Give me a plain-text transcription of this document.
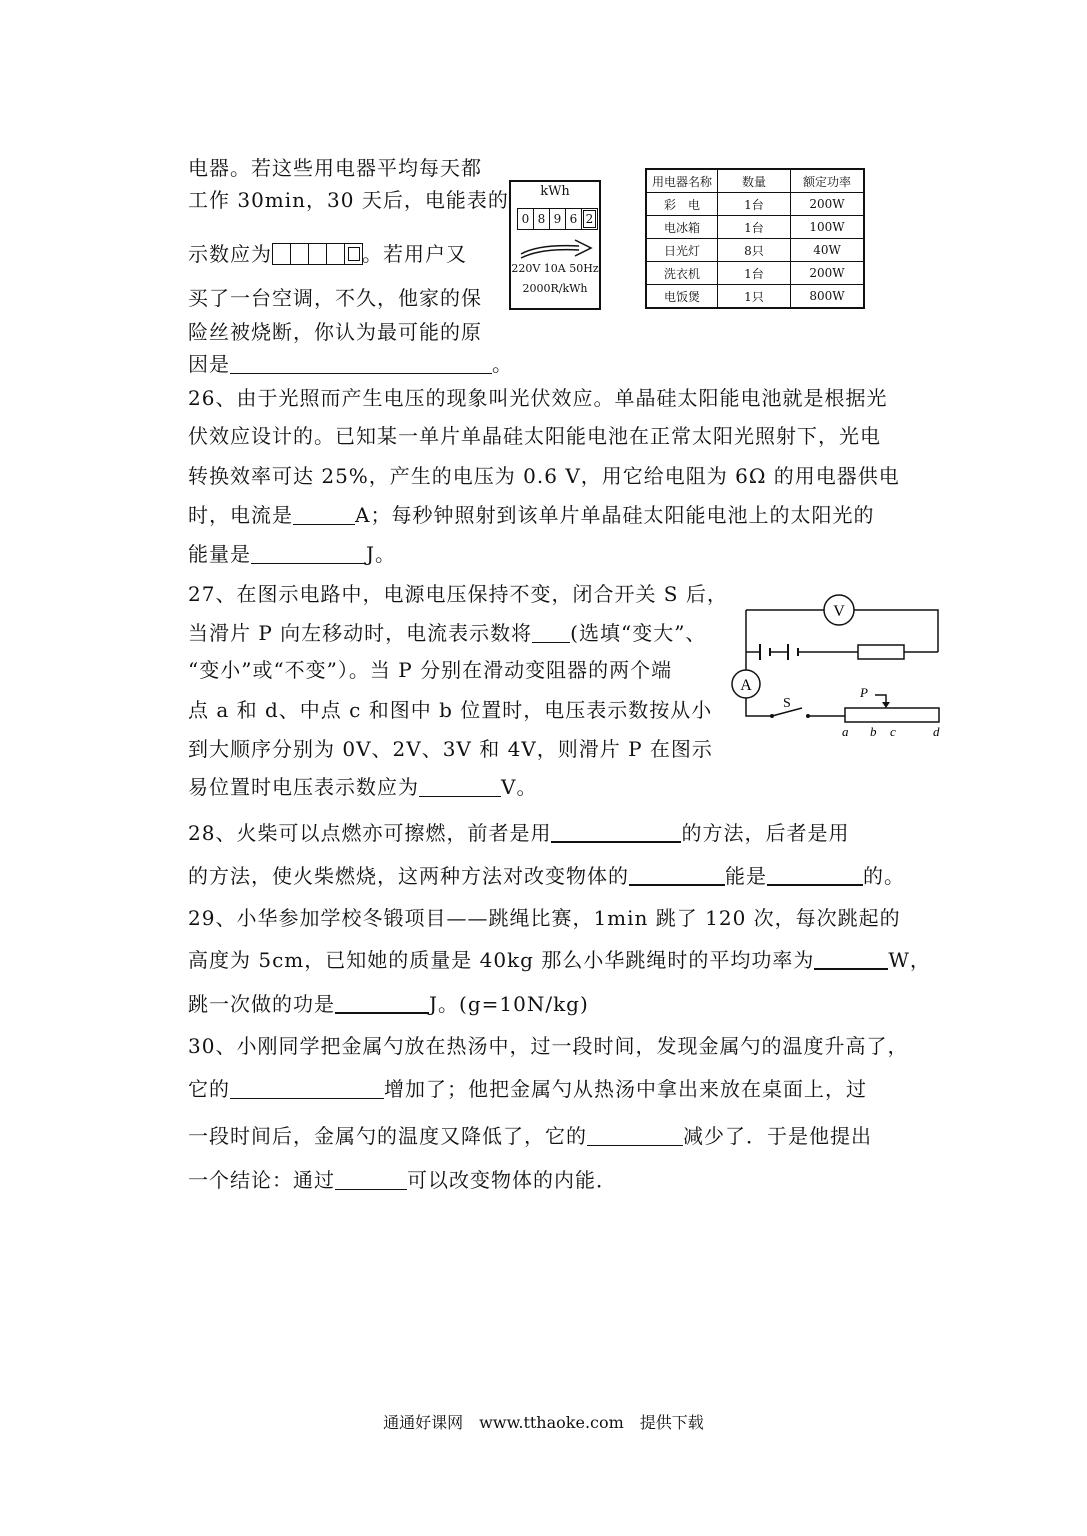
电器。若这些用电器平均每天都
工作 30min，30 天后，电能表的
示数应为	。若用户又
买了一台空调，不久，他家的保
险丝被烧断，你认为最可能的原
因是	。
kWh
0 8 9 6 2
220V 10A 50Hz
2000R/kWh
用电器名称	数量	额定功率
彩　电	1台	200W
电冰箱	1台	100W
日光灯	8只	40W
洗衣机	1台	200W
电饭煲	1只	800W
26、由于光照而产生电压的现象叫光伏效应。单晶硅太阳能电池就是根据光
伏效应设计的。已知某一单片单晶硅太阳能电池在正常太阳光照射下，光电
转换效率可达 25%，产生的电压为 0.6 V，用它给电阻为 6Ω 的用电器供电
时，电流是	A；每秒钟照射到该单片单晶硅太阳能电池上的太阳光的
能量是	J。
27、在图示电路中，电源电压保持不变，闭合开关 S 后，
当滑片 P 向左移动时，电流表示数将 (选填“变大”、
“变小”或“不变”）。当 P 分别在滑动变阻器的两个端
点 a 和 d、中点 c 和图中 b 位置时，电压表示数按从小
到大顺序分别为 0V、2V、3V 和 4V，则滑片 P 在图示
易位置时电压表示数应为	V。
V
A
S
P
a b c	d
28、火柴可以点燃亦可擦燃，前者是用	的方法，后者是用
的方法，使火柴燃烧，这两种方法对改变物体的	能是	的。
29、小华参加学校冬锻项目——跳绳比赛，1min 跳了 120 次，每次跳起的
高度为 5cm，已知她的质量是 40kg 那么小华跳绳时的平均功率为	W，
跳一次做的功是	J。(g=10N/kg)
30、小刚同学把金属勺放在热汤中，过一段时间，发现金属勺的温度升高了，
它的	增加了；他把金属勺从热汤中拿出来放在桌面上，过
一段时间后，金属勺的温度又降低了，它的	减少了．于是他提出
一个结论：通过	可以改变物体的内能．
通通好课网　www.tthaoke.com　提供下载
